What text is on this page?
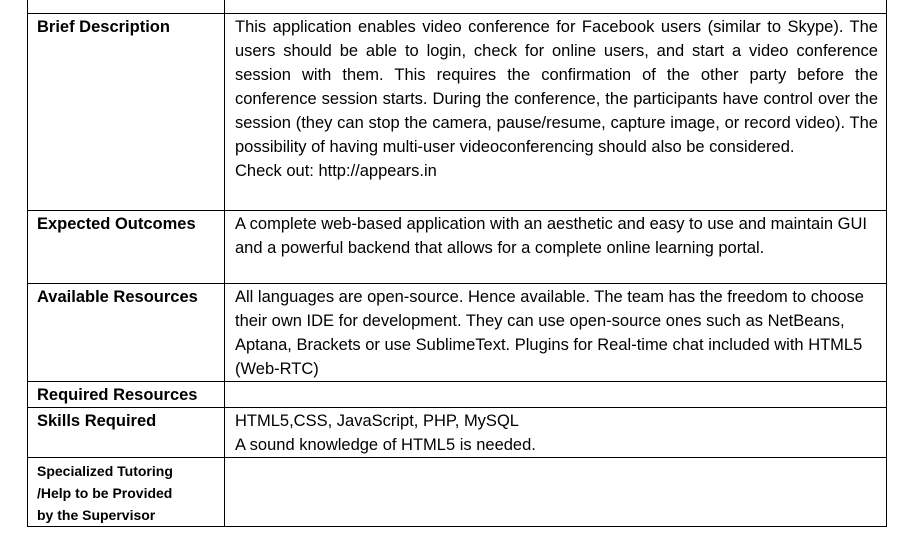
Brief Description	This application enables video conference for Facebook users (similar to Skype). The users should be able to login, check for online users, and start a video conference session with them. This requires the confirmation of the other party before the conference session starts. During the conference, the participants have control over the session (they can stop the camera, pause/resume, capture image, or record video). The possibility of having multi-user videoconferencing should also be considered.
Check out: http://appears.in

Expected Outcomes	A complete web-based application with an aesthetic and easy to use and maintain GUI and a powerful backend that allows for a complete online learning portal.
Available Resources	All languages are open-source. Hence available. The team has the freedom to choose their own IDE for development. They can use open-source ones such as NetBeans, Aptana, Brackets or use SublimeText. Plugins for Real-time chat included with HTML5 (Web-RTC)
Required Resources	
Skills Required	HTML5,CSS, JavaScript, PHP, MySQL
A sound knowledge of HTML5 is needed.

Specialized Tutoring
/Help to be Provided
by the Supervisor	
